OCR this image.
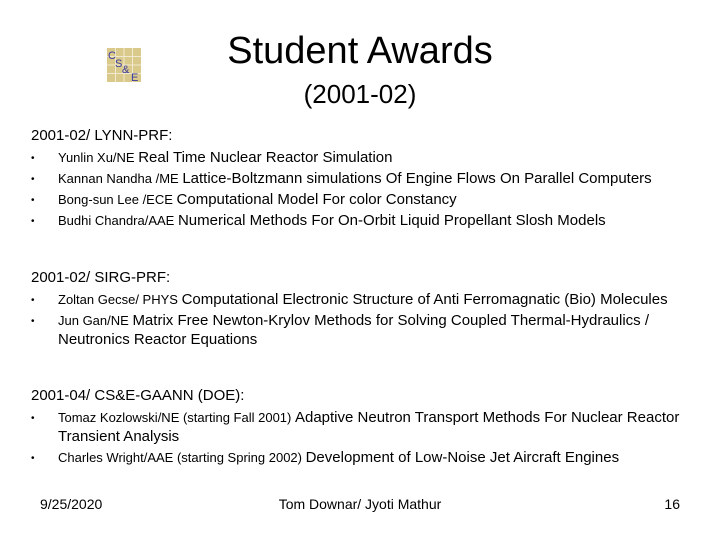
C
S &
E
Student Awards
(2001-02)
2001-02/ LYNN-PRF:
• Yunlin Xu/NE Real Time Nuclear Reactor Simulation
• Kannan Nandha /ME Lattice-Boltzmann simulations Of Engine Flows On Parallel Computers
• Bong-sun Lee /ECE Computational Model For color Constancy
• Budhi Chandra/AAE Numerical Methods For On-Orbit Liquid Propellant Slosh Models
2001-02/ SIRG-PRF:
• Zoltan Gecse/ PHYS Computational Electronic Structure of Anti Ferromagnatic (Bio) Molecules
• Jun Gan/NE Matrix Free Newton-Krylov Methods for Solving Coupled Thermal-Hydraulics / Neutronics Reactor Equations
2001-04/ CS&E-GAANN (DOE):
• Tomaz Kozlowski/NE (starting Fall 2001) Adaptive Neutron Transport Methods For Nuclear Reactor Transient Analysis
• Charles Wright/AAE (starting Spring 2002) Development of Low-Noise Jet Aircraft Engines
9/25/2020	Tom Downar/ Jyoti Mathur	16
